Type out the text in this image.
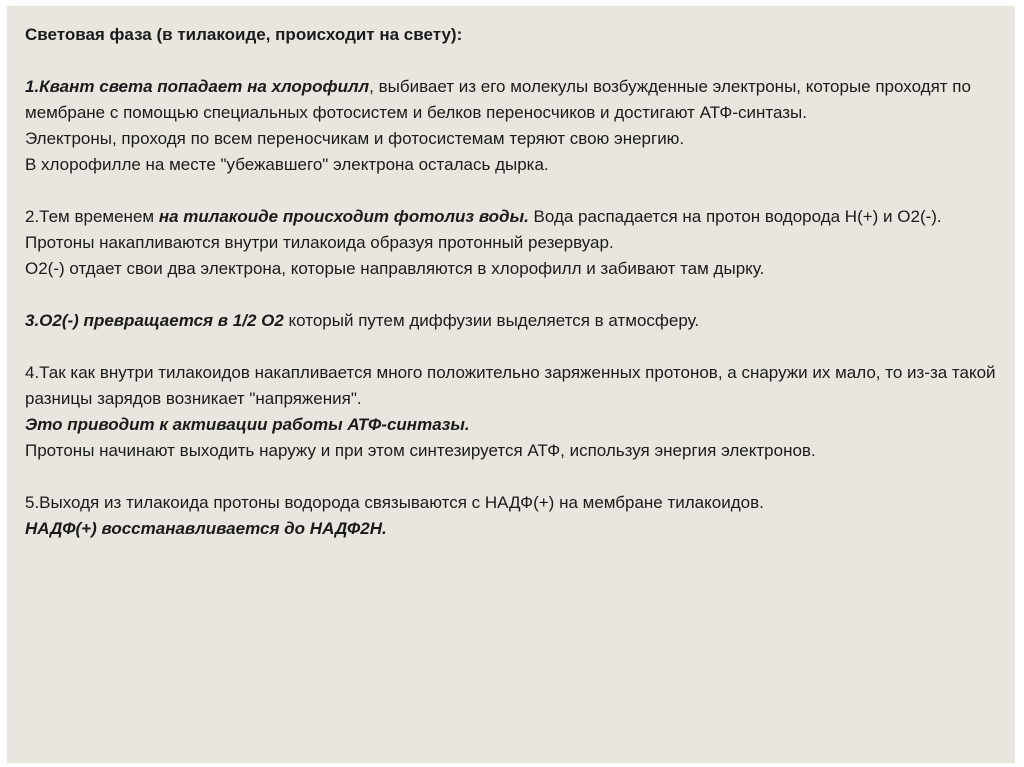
Световая фаза (в тилакоиде, происходит на свету):

1.Квант света попадает на хлорофилл, выбивает из его молекулы возбужденные электроны, которые проходят по мембране с помощью специальных фотосистем и белков переносчиков и достигают АТФ-синтазы.

Электроны, проходя по всем переносчикам и фотосистемам теряют свою энергию.

В хлорофилле на месте "убежавшего" электрона осталась дырка.

2.Тем временем на тилакоиде происходит фотолиз воды. Вода распадается на протон водорода H(+) и O2(-).

Протоны накапливаются внутри тилакоида образуя протонный резервуар.

O2(-) отдает свои два электрона, которые направляются в хлорофилл и забивают там дырку.

3.O2(-) превращается в 1/2 O2 который путем диффузии выделяется в атмосферу.

4.Так как внутри тилакоидов накапливается много положительно заряженных протонов, а снаружи их мало, то из-за такой разницы зарядов возникает "напряжения".

Это приводит к активации работы АТФ-синтазы.

Протоны начинают выходить наружу и при этом синтезируется АТФ, используя энергия электронов.

5.Выходя из тилакоида протоны водорода связываются с НАДФ(+) на мембране тилакоидов.

НАДФ(+) восстанавливается до НАДФ2Н.
